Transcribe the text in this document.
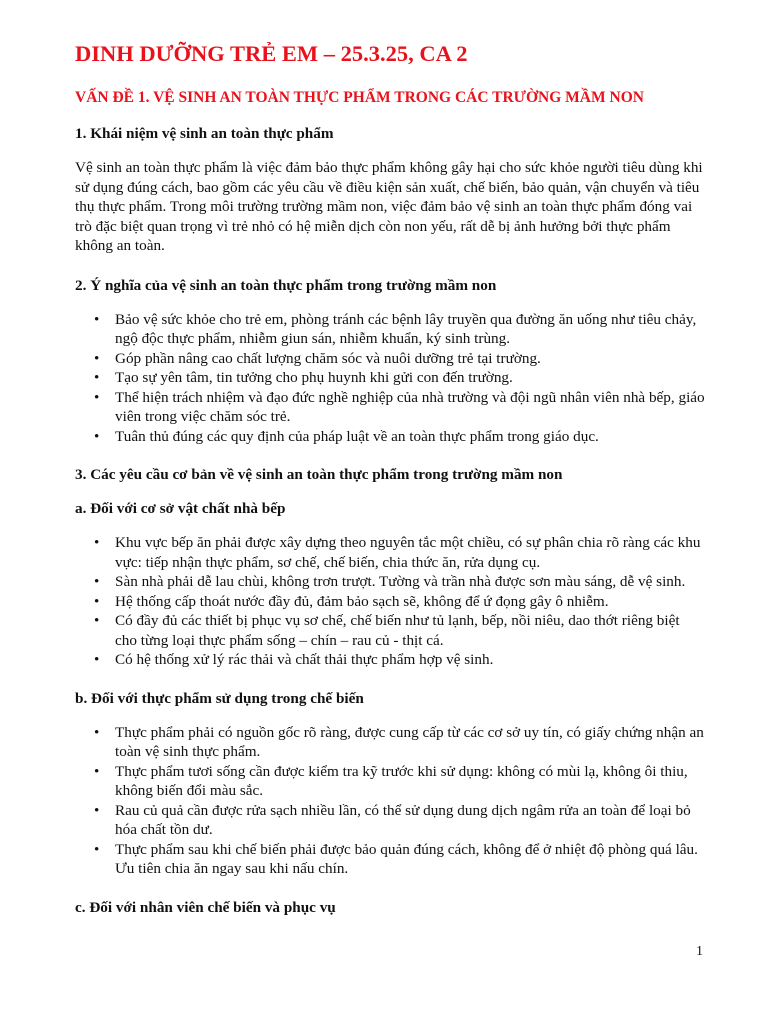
DINH DƯỠNG TRẺ EM – 25.3.25, CA 2
VẤN ĐỀ 1. VỆ SINH AN TOÀN THỰC PHẨM TRONG CÁC TRƯỜNG MẦM NON
1. Khái niệm vệ sinh an toàn thực phẩm
Vệ sinh an toàn thực phẩm là việc đảm bảo thực phẩm không gây hại cho sức khỏe người tiêu dùng khi sử dụng đúng cách, bao gồm các yêu cầu về điều kiện sản xuất, chế biến, bảo quản, vận chuyển và tiêu thụ thực phẩm. Trong môi trường trường mầm non, việc đảm bảo vệ sinh an toàn thực phẩm đóng vai trò đặc biệt quan trọng vì trẻ nhỏ có hệ miễn dịch còn non yếu, rất dễ bị ảnh hưởng bởi thực phẩm không an toàn.
2. Ý nghĩa của vệ sinh an toàn thực phẩm trong trường mầm non
• Bảo vệ sức khỏe cho trẻ em, phòng tránh các bệnh lây truyền qua đường ăn uống như tiêu chảy, ngộ độc thực phẩm, nhiễm giun sán, nhiễm khuẩn, ký sinh trùng.
• Góp phần nâng cao chất lượng chăm sóc và nuôi dưỡng trẻ tại trường.
• Tạo sự yên tâm, tin tưởng cho phụ huynh khi gửi con đến trường.
• Thể hiện trách nhiệm và đạo đức nghề nghiệp của nhà trường và đội ngũ nhân viên nhà bếp, giáo viên trong việc chăm sóc trẻ.
• Tuân thủ đúng các quy định của pháp luật về an toàn thực phẩm trong giáo dục.
3. Các yêu cầu cơ bản về vệ sinh an toàn thực phẩm trong trường mầm non
a. Đối với cơ sở vật chất nhà bếp
• Khu vực bếp ăn phải được xây dựng theo nguyên tắc một chiều, có sự phân chia rõ ràng các khu vực: tiếp nhận thực phẩm, sơ chế, chế biến, chia thức ăn, rửa dụng cụ.
• Sàn nhà phải dễ lau chùi, không trơn trượt. Tường và trần nhà được sơn màu sáng, dễ vệ sinh.
• Hệ thống cấp thoát nước đầy đủ, đảm bảo sạch sẽ, không để ứ đọng gây ô nhiễm.
• Có đầy đủ các thiết bị phục vụ sơ chế, chế biến như tủ lạnh, bếp, nồi niêu, dao thớt riêng biệt cho từng loại thực phẩm sống – chín – rau củ - thịt cá.
• Có hệ thống xử lý rác thải và chất thải thực phẩm hợp vệ sinh.
b. Đối với thực phẩm sử dụng trong chế biến
• Thực phẩm phải có nguồn gốc rõ ràng, được cung cấp từ các cơ sở uy tín, có giấy chứng nhận an toàn vệ sinh thực phẩm.
• Thực phẩm tươi sống cần được kiểm tra kỹ trước khi sử dụng: không có mùi lạ, không ôi thiu, không biến đổi màu sắc.
• Rau củ quả cần được rửa sạch nhiều lần, có thể sử dụng dung dịch ngâm rửa an toàn để loại bỏ hóa chất tồn dư.
• Thực phẩm sau khi chế biến phải được bảo quản đúng cách, không để ở nhiệt độ phòng quá lâu. Ưu tiên chia ăn ngay sau khi nấu chín.
c. Đối với nhân viên chế biến và phục vụ
1
